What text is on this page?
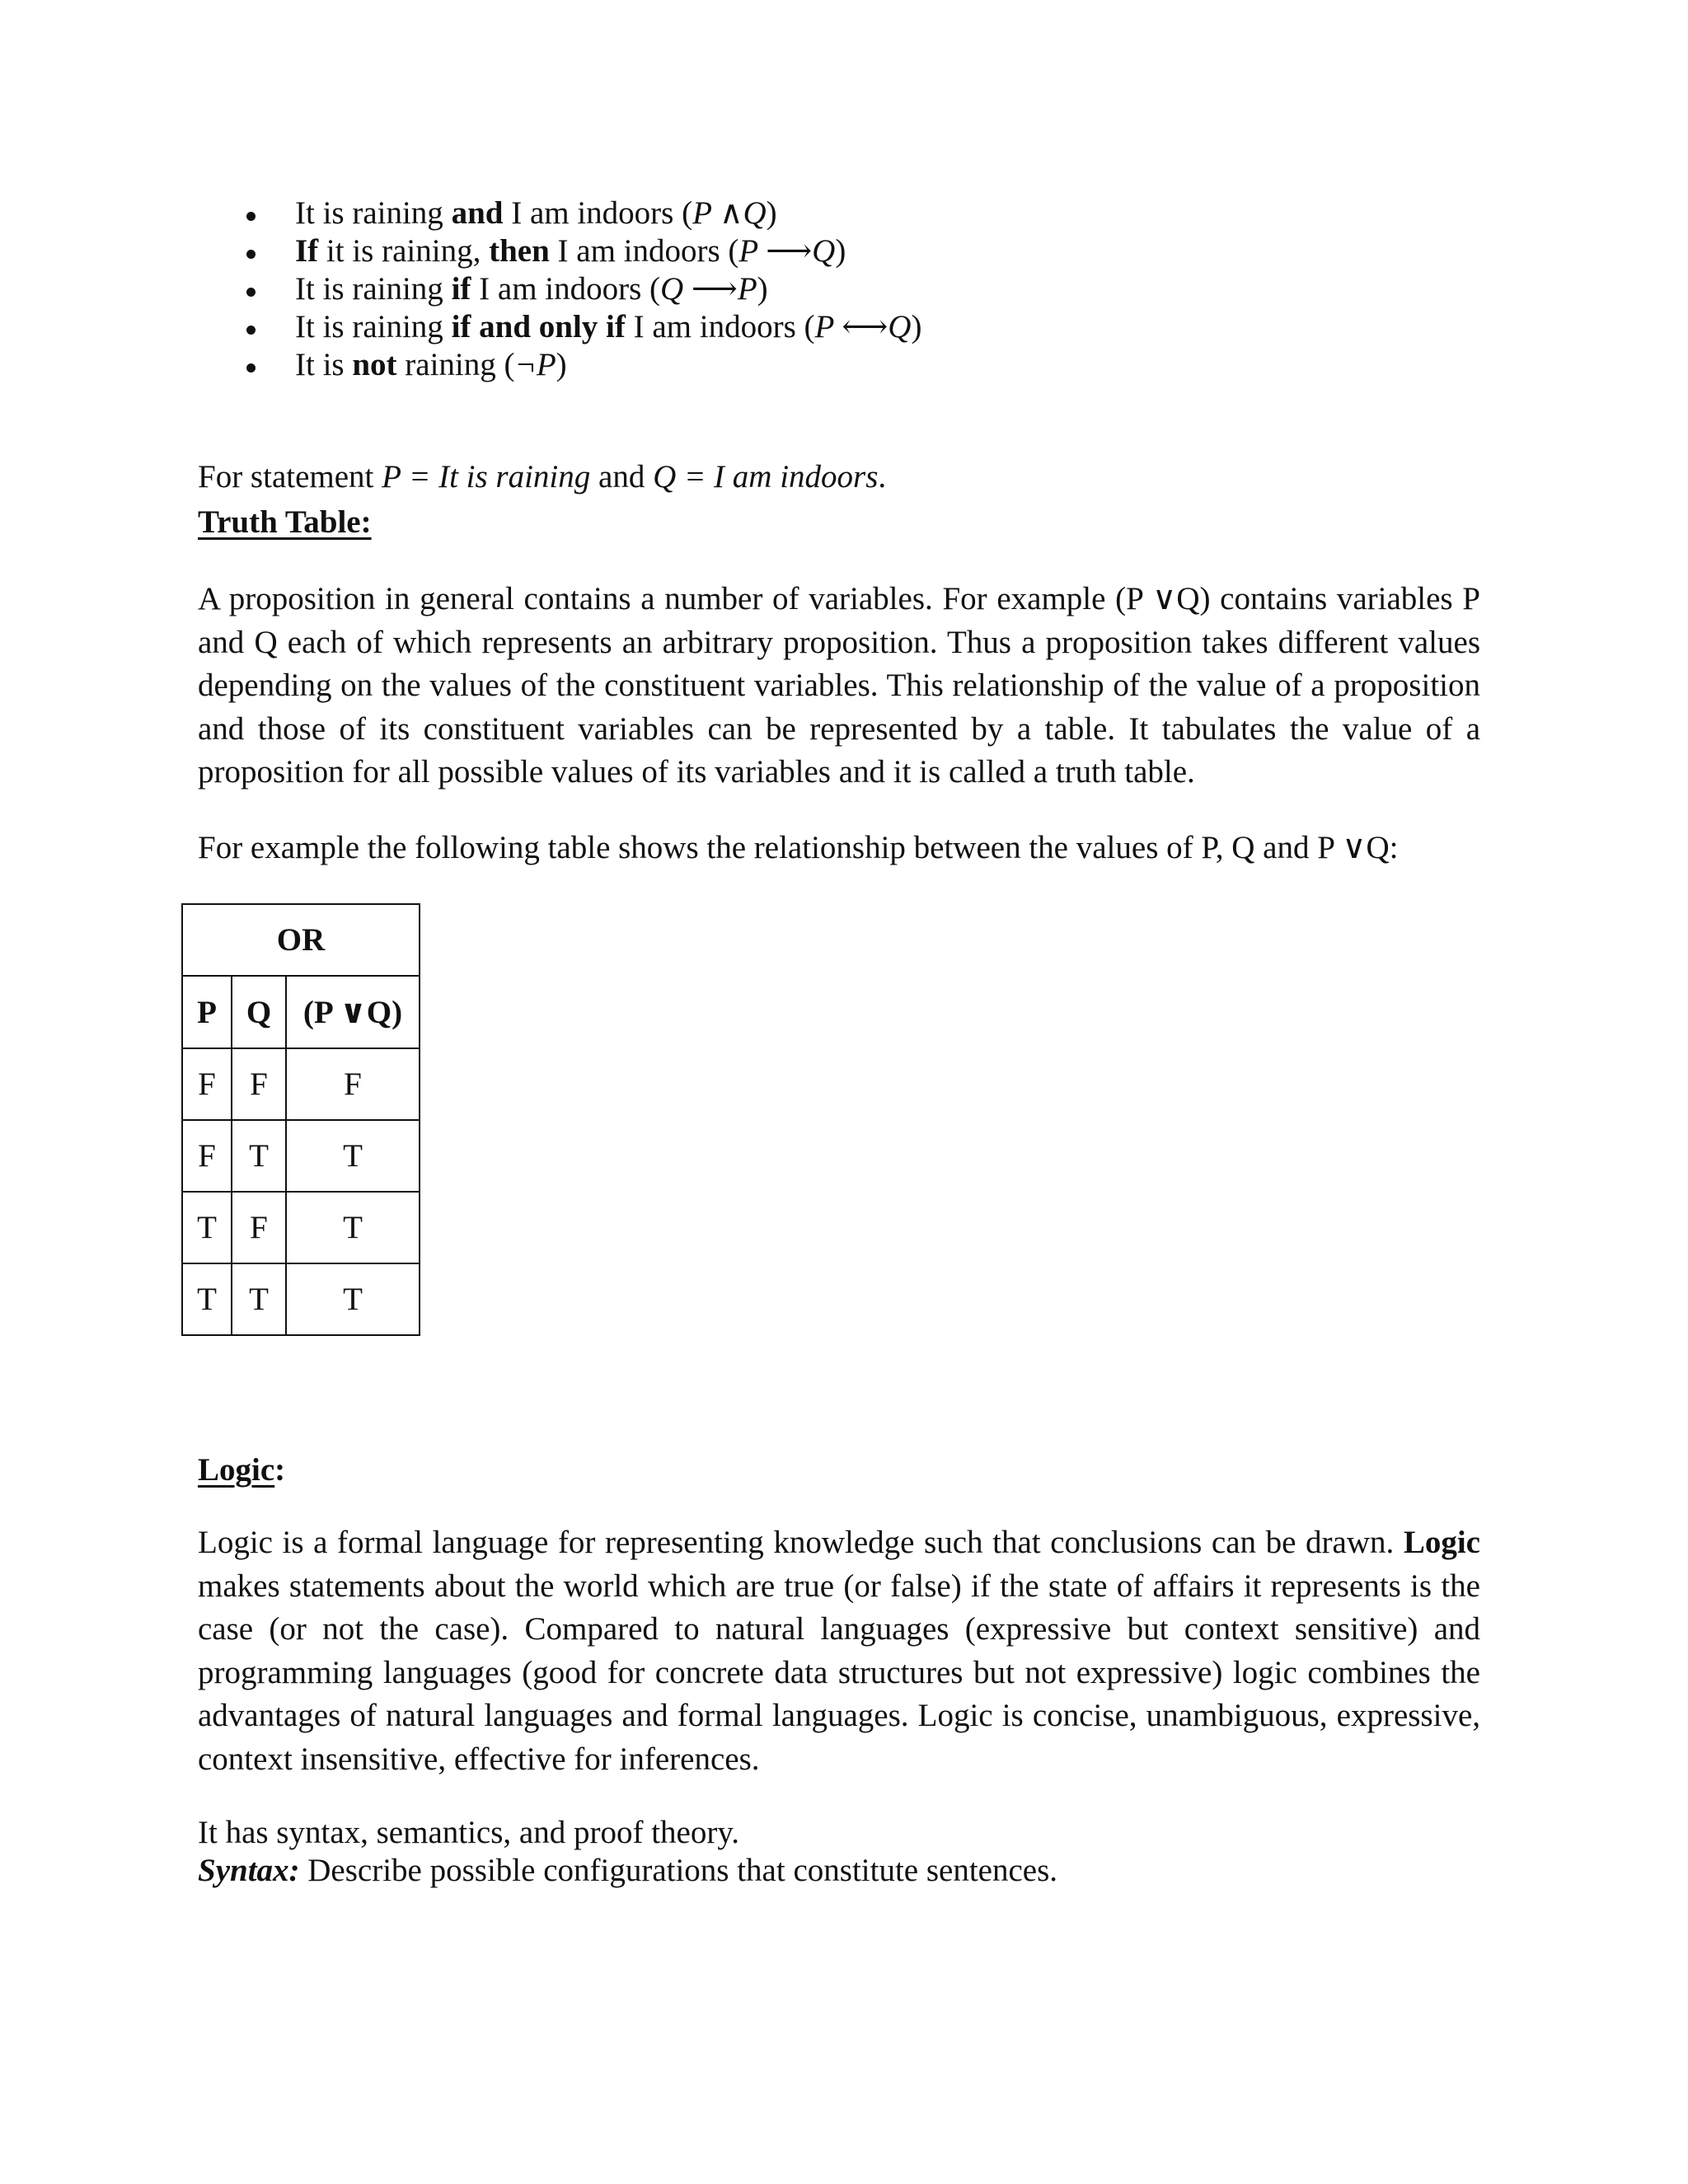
It is raining and I am indoors (P ∧Q)
If it is raining, then I am indoors (P ⟶Q)
It is raining if I am indoors (Q ⟶P)
It is raining if and only if I am indoors (P ⟷Q)
It is not raining (¬P)

For statement P = It is raining and Q = I am indoors.

Truth Table:

A proposition in general contains a number of variables. For example (P ∨Q) contains variables P and Q each of which represents an arbitrary proposition. Thus a proposition takes different values depending on the values of the constituent variables. This relationship of the value of a proposition and those of its constituent variables can be represented by a table. It tabulates the value of a proposition for all possible values of its variables and it is called a truth table.

For example the following table shows the relationship between the values of P, Q and P ∨Q:

OR		
P	Q	(P ∨Q)
F	F	F
F	T	T
T	F	T
T	T	T
Logic:

Logic is a formal language for representing knowledge such that conclusions can be drawn. Logic makes statements about the world which are true (or false) if the state of affairs it represents is the case (or not the case). Compared to natural languages (expressive but context sensitive) and programming languages (good for concrete data structures but not expressive) logic combines the advantages of natural languages and formal languages. Logic is concise, unambiguous, expressive, context insensitive, effective for inferences.

It has syntax, semantics, and proof theory.

Syntax: Describe possible configurations that constitute sentences.
